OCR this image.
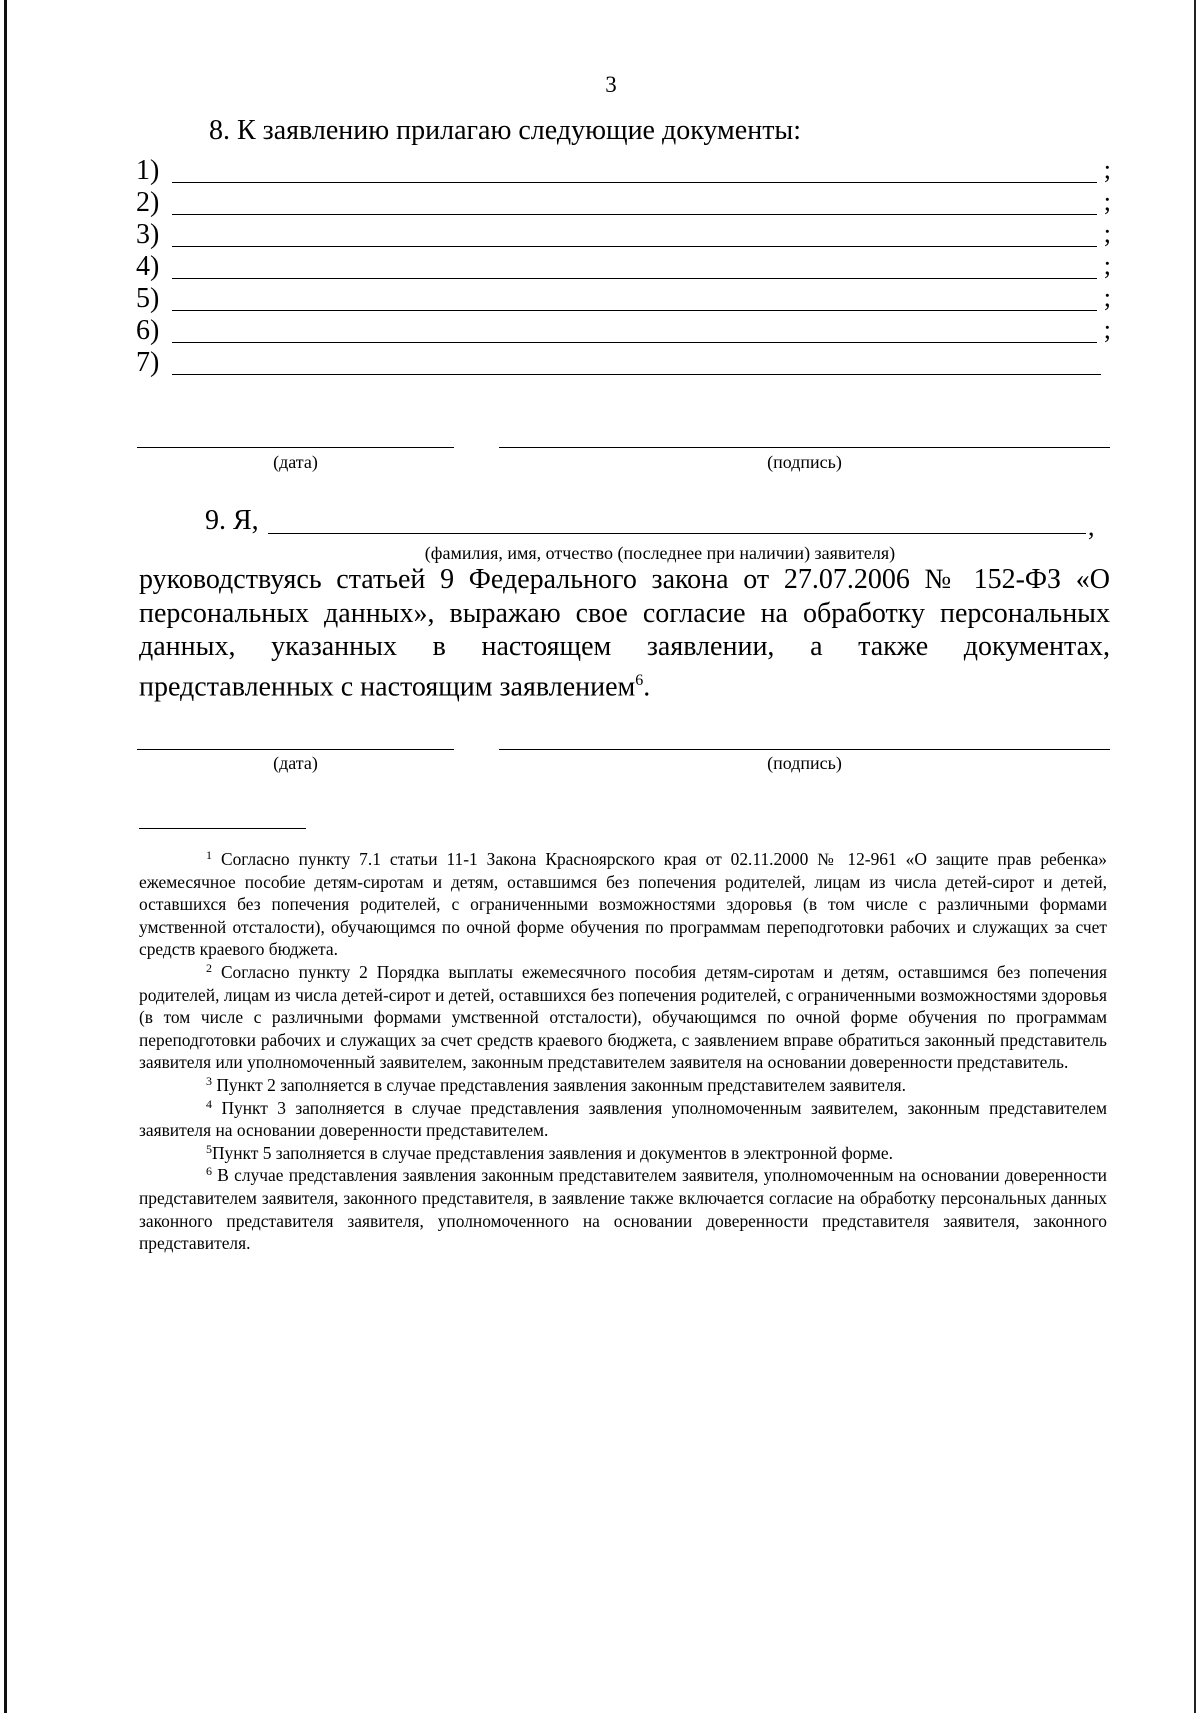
3
8. К заявлению прилагаю следующие документы:
1)	;
2)	;
3)	;
4)	;
5)	;
6)	;
7)
(дата)	(подпись)
9. Я,	,
(фамилия, имя, отчество (последнее при наличии) заявителя)
руководствуясь статьей 9 Федерального закона от 27.07.2006 № 152-ФЗ «О персональных данных», выражаю свое согласие на обработку персональных данных, указанных в настоящем заявлении, а также документах, представленных с настоящим заявлением$^6$.
(дата)	(подпись)

$^1$ Согласно пункту 7.1 статьи 11-1 Закона Красноярского края от 02.11.2000 № 12-961 «О защите прав ребенка» ежемесячное пособие детям-сиротам и детям, оставшимся без попечения родителей, лицам из числа детей-сирот и детей, оставшихся без попечения родителей, с ограниченными возможностями здоровья (в том числе с различными формами умственной отсталости), обучающимся по очной форме обучения по программам переподготовки рабочих и служащих за счет средств краевого бюджета.

$^2$ Согласно пункту 2 Порядка выплаты ежемесячного пособия детям-сиротам и детям, оставшимся без попечения родителей, лицам из числа детей-сирот и детей, оставшихся без попечения родителей, с ограниченными возможностями здоровья (в том числе с различными формами умственной отсталости), обучающимся по очной форме обучения по программам переподготовки рабочих и служащих за счет средств краевого бюджета, с заявлением вправе обратиться законный представитель заявителя или уполномоченный заявителем, законным представителем заявителя на основании доверенности представитель.

$^3$ Пункт 2 заполняется в случае представления заявления законным представителем заявителя.

$^4$ Пункт 3 заполняется в случае представления заявления уполномоченным заявителем, законным представителем заявителя на основании доверенности представителем.

$^5$Пункт 5 заполняется в случае представления заявления и документов в электронной форме.

$^6$ В случае представления заявления законным представителем заявителя, уполномоченным на основании доверенности представителем заявителя, законного представителя, в заявление также включается согласие на обработку персональных данных законного представителя заявителя, уполномоченного на основании доверенности представителя заявителя, законного представителя.
